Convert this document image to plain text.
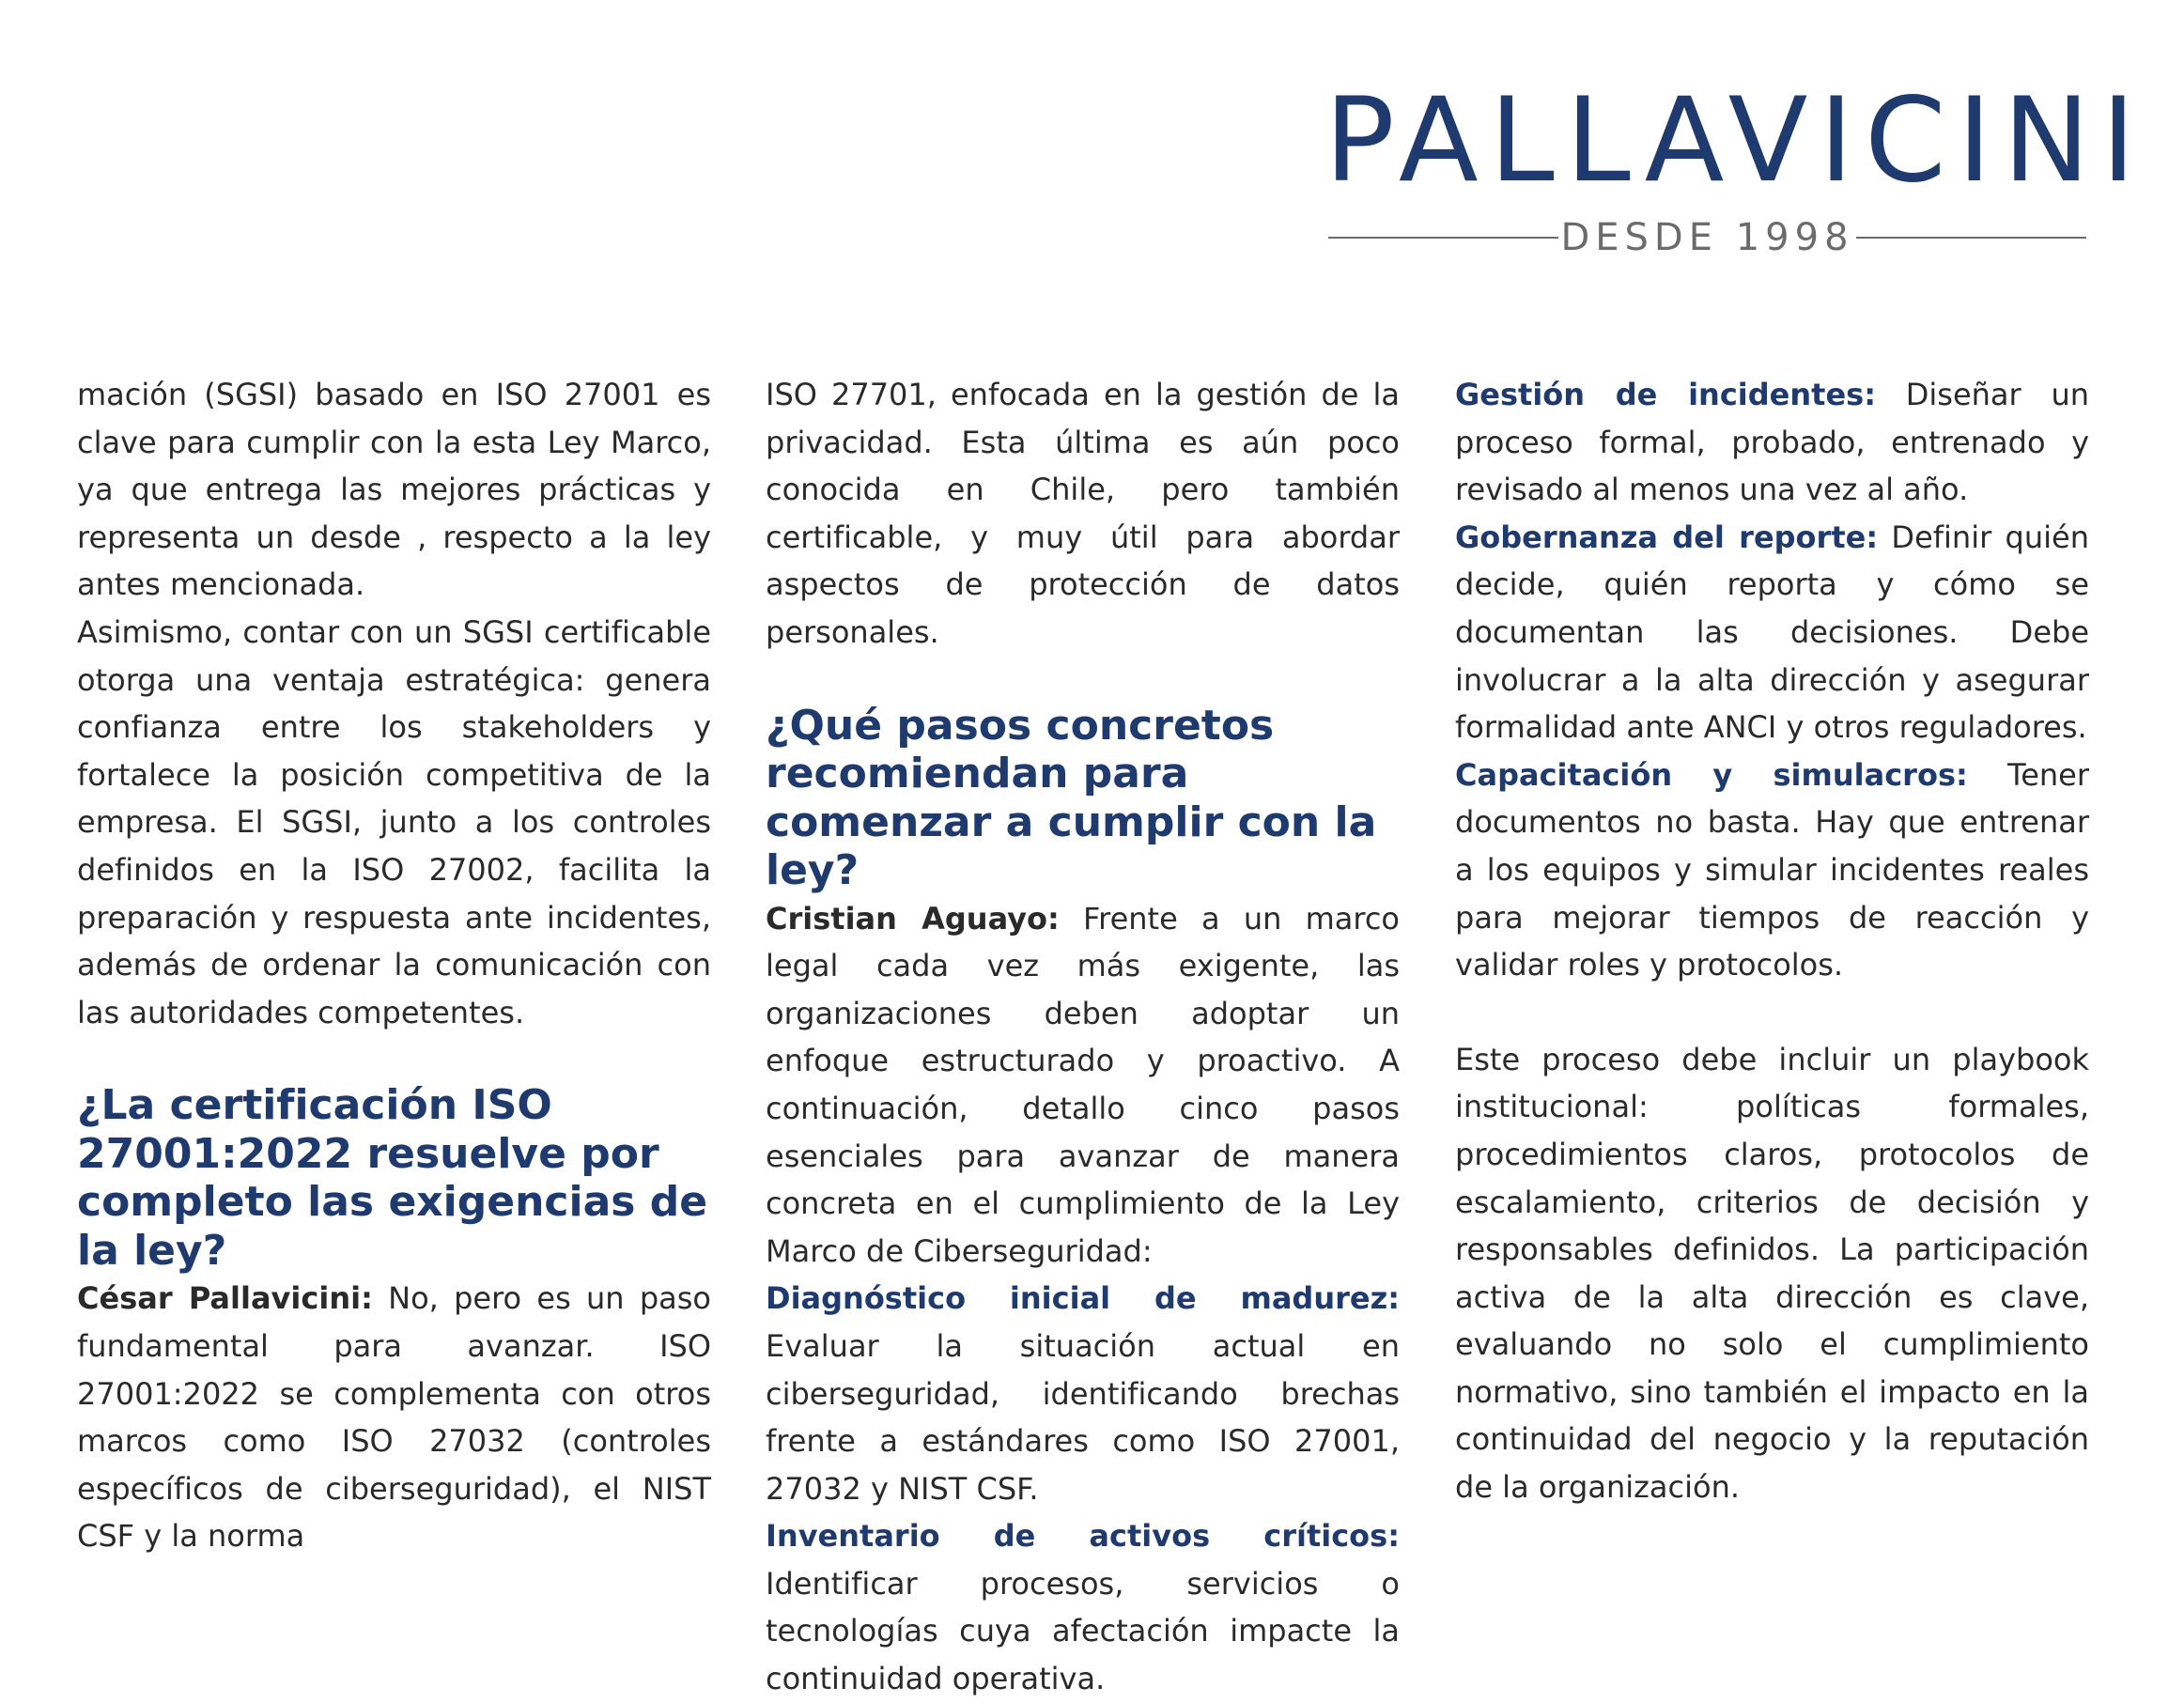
PALLAVICINI
DESDE 1998

mación (SGSI) basado en ISO 27001 es clave para cumplir con la esta Ley Marco, ya que entrega las mejores prácticas y representa un desde , respecto a la ley antes mencionada.

Asimismo, contar con un SGSI certificable otorga una ventaja estratégica: genera confianza entre los stakeholders y fortalece la posición competitiva de la empresa. El SGSI, junto a los controles definidos en la ISO 27002, facilita la preparación y respuesta ante incidentes, además de ordenar la comunicación con las autoridades competentes.

¿La certificación ISO 27001:2022 resuelve por completo las exigencias de la ley?

César Pallavicini: No, pero es un paso fundamental para avanzar. ISO 27001:2022 se complementa con otros marcos como ISO 27032 (controles específicos de ciberseguridad), el NIST CSF y la norma

ISO 27701, enfocada en la gestión de la privacidad. Esta última es aún poco conocida en Chile, pero también certificable, y muy útil para abordar aspectos de protección de datos personales.

¿Qué pasos concretos recomiendan para comenzar a cumplir con la ley?

Cristian Aguayo: Frente a un marco legal cada vez más exigente, las organizaciones deben adoptar un enfoque estructurado y proactivo. A continuación, detallo cinco pasos esenciales para avanzar de manera concreta en el cumplimiento de la Ley Marco de Ciberseguridad:

Diagnóstico inicial de madurez: Evaluar la situación actual en ciberseguridad, identificando brechas frente a estándares como ISO 27001, 27032 y NIST CSF.

Inventario de activos críticos: Identificar procesos, servicios o tecnologías cuya afectación impacte la continuidad operativa.

Gestión de incidentes: Diseñar un proceso formal, probado, entrenado y revisado al menos una vez al año.

Gobernanza del reporte: Definir quién decide, quién reporta y cómo se documentan las decisiones. Debe involucrar a la alta dirección y asegurar formalidad ante ANCI y otros reguladores.

Capacitación y simulacros: Tener documentos no basta. Hay que entrenar a los equipos y simular incidentes reales para mejorar tiempos de reacción y validar roles y protocolos.

Este proceso debe incluir un playbook institucional: políticas formales, procedimientos claros, protocolos de escalamiento, criterios de decisión y responsables definidos. La participación activa de la alta dirección es clave, evaluando no solo el cumplimiento normativo, sino también el impacto en la continuidad del negocio y la reputación de la organización.
